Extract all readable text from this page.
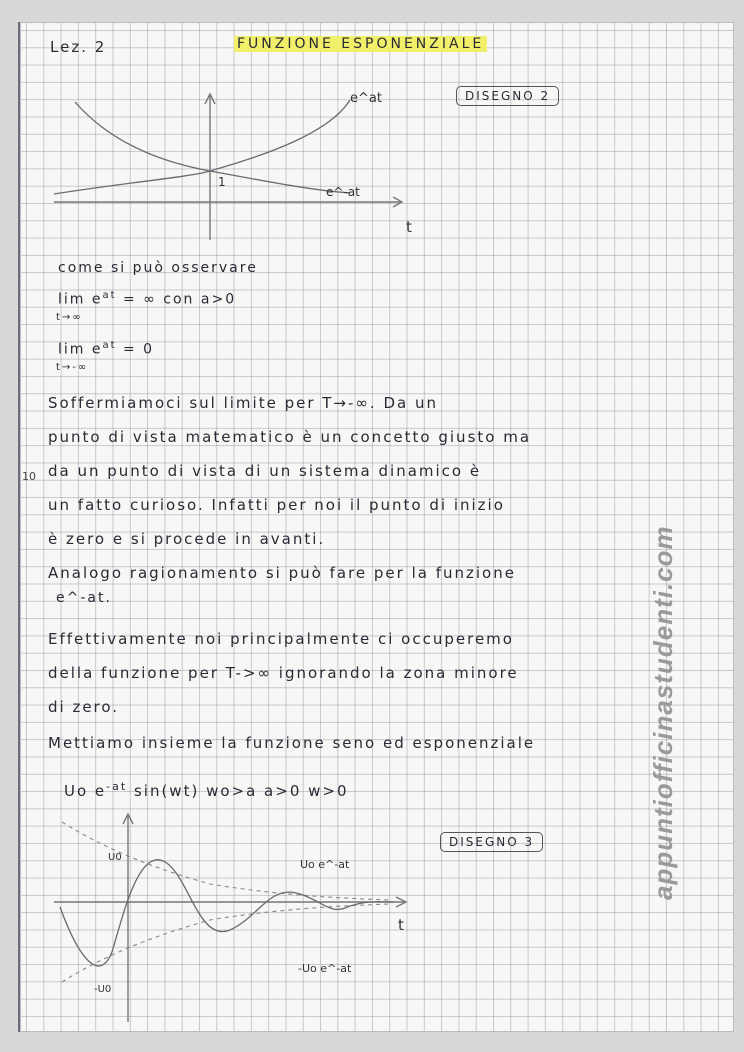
Lez. 2	FUNZIONE ESPONENZIALE
DISEGNO 2
e^at
e^-at
1
t
come si può osservare
$\lim e^{at}$ = ∞ con a>0
t→∞
$\lim e^{at} = 0$
t→-∞
Soffermiamoci sul limite per T→-∞. Da un
punto di vista matematico è un concetto giusto ma
da un punto di vista di un sistema dinamico è
un fatto curioso. Infatti per noi il punto di inizio
è zero e si procede in avanti.
Analogo ragionamento si può fare per la funzione
e^-at.
Effettivamente noi principalmente ci occuperemo
della funzione per T->∞ ignorando la zona minore
di zero.
Mettiamo insieme la funzione seno ed esponenziale
Uo $e^{-at}$ sin(wt) wo>a a>0 w>0
DISEGNO 3
U0
-U0
Uo e^-at
-Uo e^-at
t
10
appuntiofficinastudenti.com
